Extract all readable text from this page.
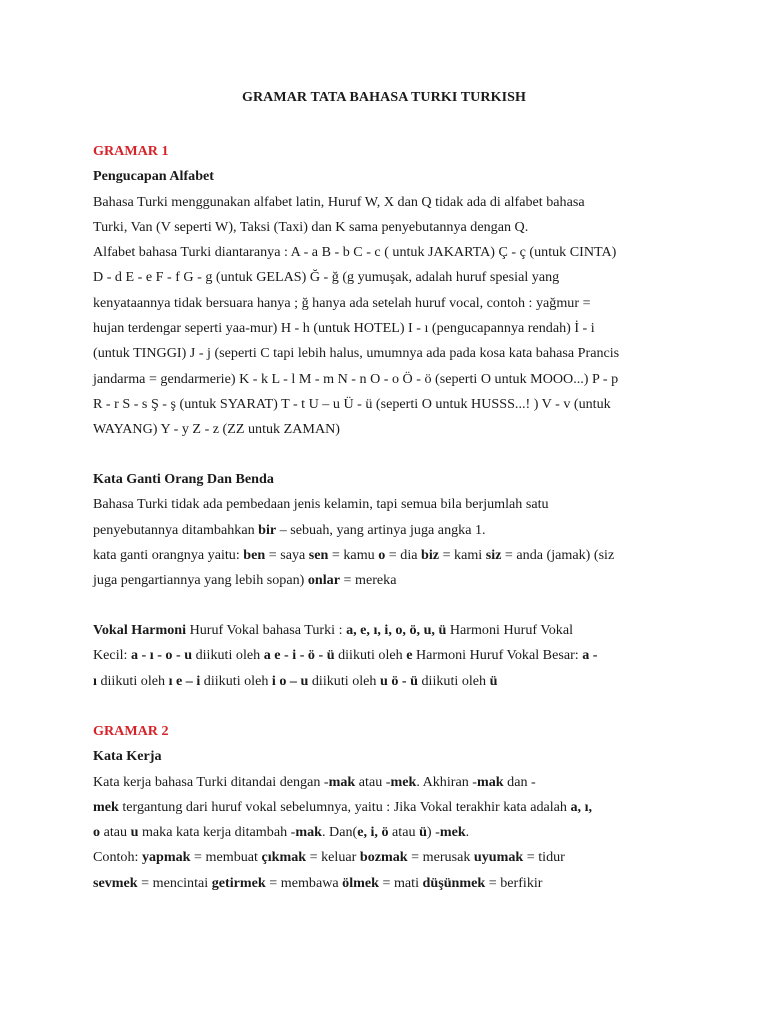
GRAMAR TATA BAHASA TURKI TURKISH
GRAMAR 1
Pengucapan Alfabet
Bahasa Turki menggunakan alfabet latin, Huruf W, X dan Q tidak ada di alfabet bahasa
Turki, Van (V seperti W), Taksi (Taxi) dan K sama penyebutannya dengan Q.
Alfabet bahasa Turki diantaranya : A - a B - b C - c ( untuk JAKARTA) Ç - ç (untuk CINTA)
D - d E - e F - f G - g (untuk GELAS) Ğ - ğ (g yumuşak, adalah huruf spesial yang
kenyataannya tidak bersuara hanya ; ğ hanya ada setelah huruf vocal, contoh : yağmur =
hujan terdengar seperti yaa-mur) H - h (untuk HOTEL) I - ı (pengucapannya rendah) İ - i
(untuk TINGGI) J - j (seperti C tapi lebih halus, umumnya ada pada kosa kata bahasa Prancis
jandarma = gendarmerie) K - k L - l M - m N - n O - o Ö - ö (seperti O untuk MOOO...) P - p
R - r S - s Ş - ş (untuk SYARAT) T - t U – u Ü - ü (seperti O untuk HUSSS...! ) V - v (untuk
WAYANG) Y - y Z - z (ZZ untuk ZAMAN)
Kata Ganti Orang Dan Benda
Bahasa Turki tidak ada pembedaan jenis kelamin, tapi semua bila berjumlah satu
penyebutannya ditambahkan bir – sebuah, yang artinya juga angka 1.
kata ganti orangnya yaitu: ben = saya sen = kamu o = dia biz = kami siz = anda (jamak) (siz
juga pengartiannya yang lebih sopan) onlar = mereka
Vokal Harmoni Huruf Vokal bahasa Turki : a, e, ı, i, o, ö, u, ü Harmoni Huruf Vokal
Kecil: a - ı - o - u diikuti oleh a e - i - ö - ü diikuti oleh e Harmoni Huruf Vokal Besar: a -
ı diikuti oleh ı e – i diikuti oleh i o – u diikuti oleh u ö - ü diikuti oleh ü
GRAMAR 2
Kata Kerja
Kata kerja bahasa Turki ditandai dengan -mak atau -mek. Akhiran -mak dan -
mek tergantung dari huruf vokal sebelumnya, yaitu : Jika Vokal terakhir kata adalah a, ı,
o atau u maka kata kerja ditambah -mak. Dan(e, i, ö atau ü) -mek.
Contoh: yapmak = membuat çıkmak = keluar bozmak = merusak uyumak = tidur
sevmek = mencintai getirmek = membawa ölmek = mati düşünmek = berfikir
